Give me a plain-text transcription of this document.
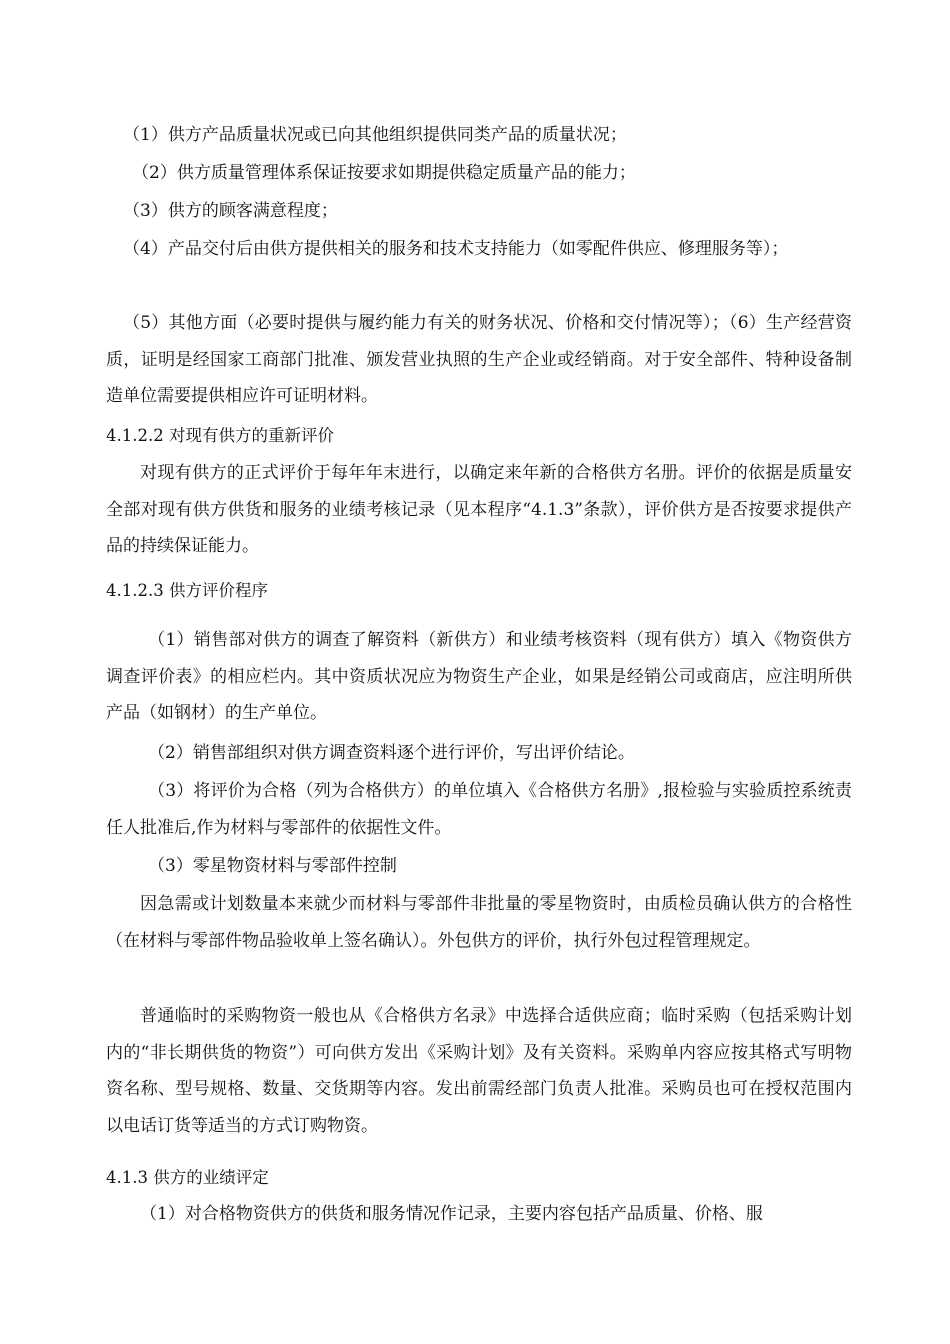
（1）供方产品质量状况或已向其他组织提供同类产品的质量状况；

（2）供方质量管理体系保证按要求如期提供稳定质量产品的能力；

（3）供方的顾客满意程度；

（4）产品交付后由供方提供相关的服务和技术支持能力（如零配件供应、修理服务等）；

（5）其他方面（必要时提供与履约能力有关的财务状况、价格和交付情况等）；（6）生产经营资质，证明是经国家工商部门批准、颁发营业执照的生产企业或经销商。对于安全部件、特种设备制造单位需要提供相应许可证明材料。

4.1.2.2 对现有供方的重新评价

对现有供方的正式评价于每年年末进行，以确定来年新的合格供方名册。评价的依据是质量安全部对现有供方供货和服务的业绩考核记录（见本程序“4.1.3”条款），评价供方是否按要求提供产品的持续保证能力。

4.1.2.3 供方评价程序

（1）销售部对供方的调查了解资料（新供方）和业绩考核资料（现有供方）填入《物资供方调查评价表》的相应栏内。其中资质状况应为物资生产企业，如果是经销公司或商店，应注明所供产品（如钢材）的生产单位。

（2）销售部组织对供方调查资料逐个进行评价，写出评价结论。

（3）将评价为合格（列为合格供方）的单位填入《合格供方名册》,报检验与实验质控系统责任人批准后,作为材料与零部件的依据性文件。

（3）零星物资材料与零部件控制

因急需或计划数量本来就少而材料与零部件非批量的零星物资时，由质检员确认供方的合格性（在材料与零部件物品验收单上签名确认）。外包供方的评价，执行外包过程管理规定。

普通临时的采购物资一般也从《合格供方名录》中选择合适供应商；临时采购（包括采购计划内的“非长期供货的物资”）可向供方发出《采购计划》及有关资料。采购单内容应按其格式写明物资名称、型号规格、数量、交货期等内容。发出前需经部门负责人批准。采购员也可在授权范围内以电话订货等适当的方式订购物资。

4.1.3 供方的业绩评定

（1）对合格物资供方的供货和服务情况作记录，主要内容包括产品质量、价格、服
